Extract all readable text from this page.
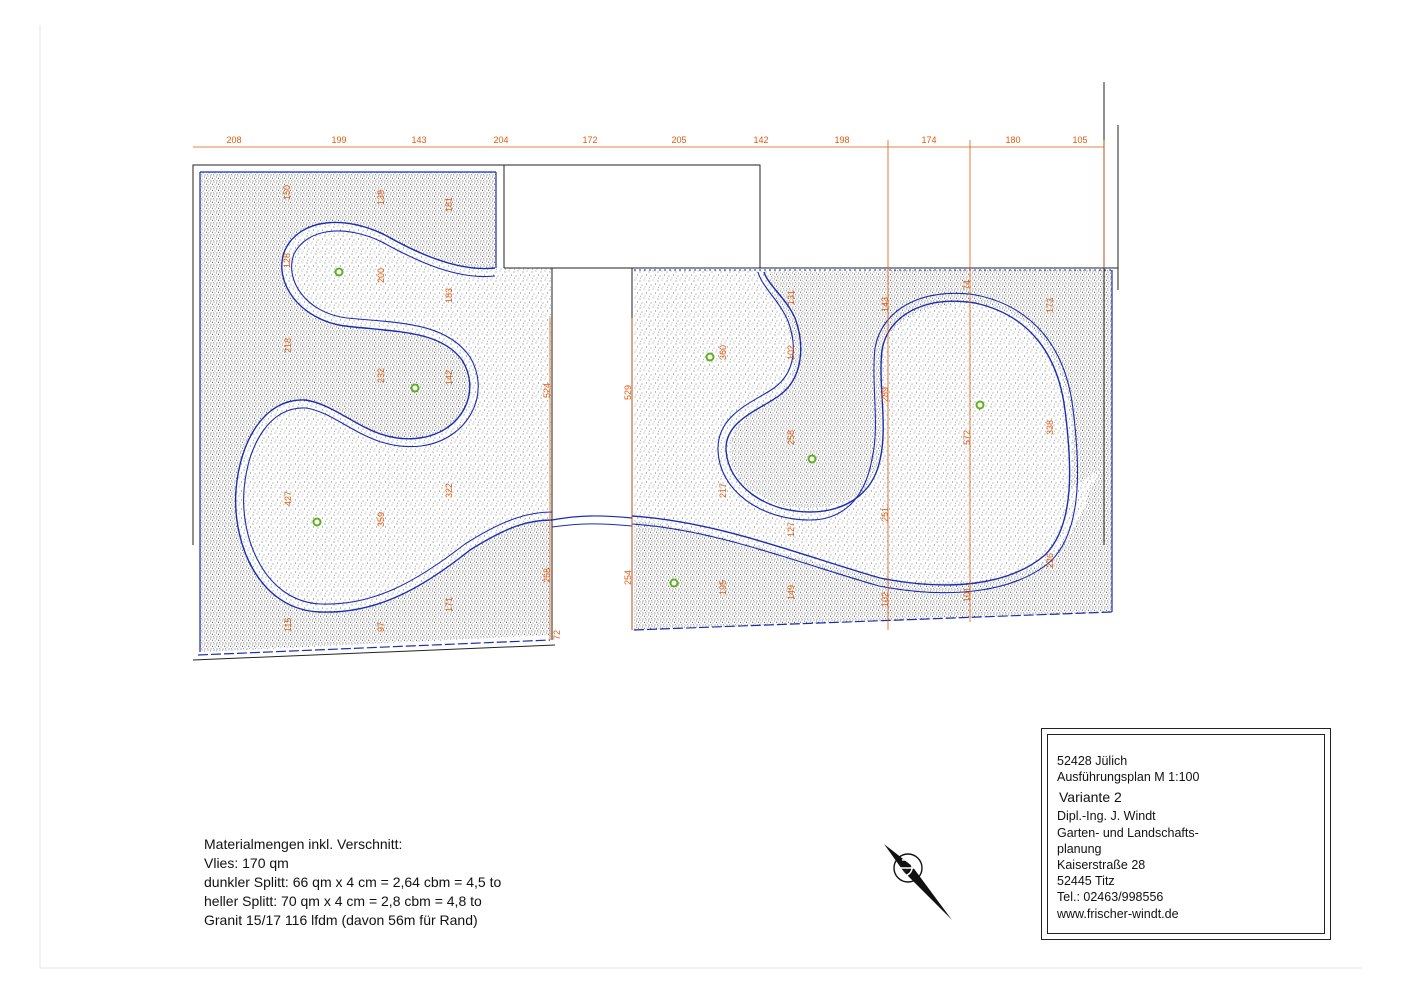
208	199	143	204	172	205	142	198	174	180	105
150	138	181
128
200
183
218
232	142
524	529
427
322
359
268
171
115	97
72
360
131
102
143
289
258
217
127
251
149
195
254
102
74
173
572
338
226
101
Materialmengen inkl. Verschnitt:
Vlies: 170 qm
dunkler Splitt: 66 qm x 4 cm = 2,64 cbm = 4,5 to
heller Splitt: 70 qm x 4 cm = 2,8 cbm = 4,8 to
Granit 15/17 116 lfdm (davon 56m für Rand)
52428 Jülich
Ausführungsplan M 1:100
Variante 2
Dipl.-Ing. J. Windt
Garten- und Landschafts-
planung
Kaiserstraße 28
52445 Titz
Tel.: 02463/998556
www.frischer-windt.de
